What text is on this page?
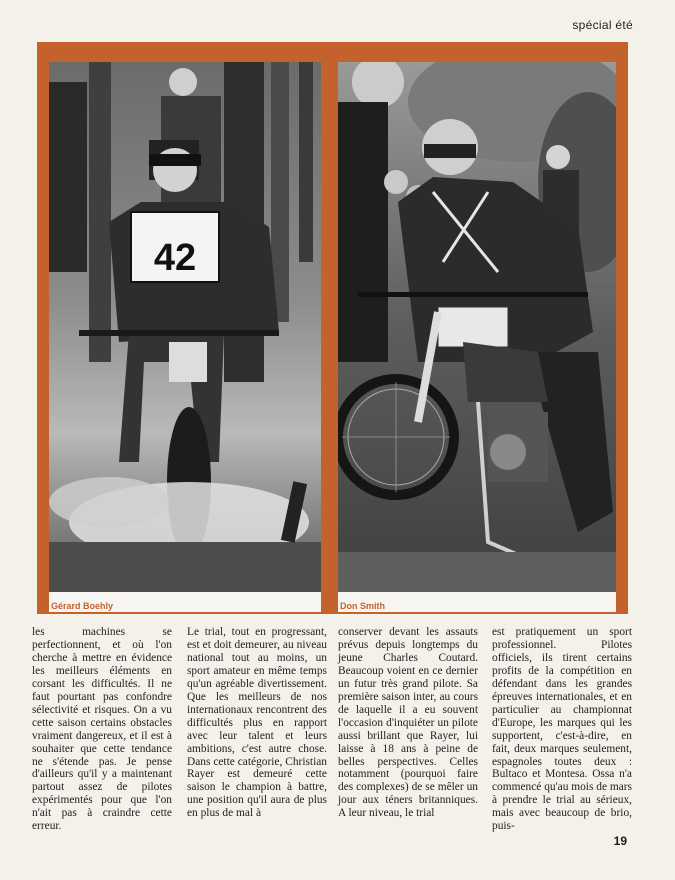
spécial été
42
Gérard Boehly	Don Smith
les machines se perfectionnent, et où l'on cherche à mettre en évidence les meilleurs éléments en corsant les difficultés. Il ne faut pourtant pas confondre sélectivité et risques. On a vu cette saison certains obstacles vraiment dangereux, et il est à souhaiter que cette tendance ne s'étende pas. Je pense d'ailleurs qu'il y a maintenant partout assez de pilotes expérimentés pour que l'on n'ait pas à craindre cette erreur.
Le trial, tout en progressant, est et doit demeurer, au niveau national tout au moins, un sport amateur en même temps qu'un agréable divertissement. Que les meilleurs de nos internationaux rencontrent des difficultés plus en rapport avec leur talent et leurs ambitions, c'est autre chose. Dans cette catégorie, Christian Rayer est demeuré cette saison le champion à battre, une position qu'il aura de plus en plus de mal à
conserver devant les assauts prévus depuis longtemps du jeune Charles Coutard. Beaucoup voient en ce dernier un futur très grand pilote. Sa première saison inter, au cours de laquelle il a eu souvent l'occasion d'inquiéter un pilote aussi brillant que Rayer, lui laisse à 18 ans à peine de belles perspectives. Celles notamment (pourquoi faire des complexes) de se mêler un jour aux téners britanniques. A leur niveau, le trial
est pratiquement un sport professionnel. Pilotes officiels, ils tirent certains profits de la compétition en défendant dans les grandes épreuves internationales, et en particulier au championnat d'Europe, les marques qui les supportent, c'est-à-dire, en fait, deux marques seulement, espagnoles toutes deux : Bultaco et Montesa. Ossa n'a commencé qu'au mois de mars à prendre le trial au sérieux, mais avec beaucoup de brio, puis-
19
